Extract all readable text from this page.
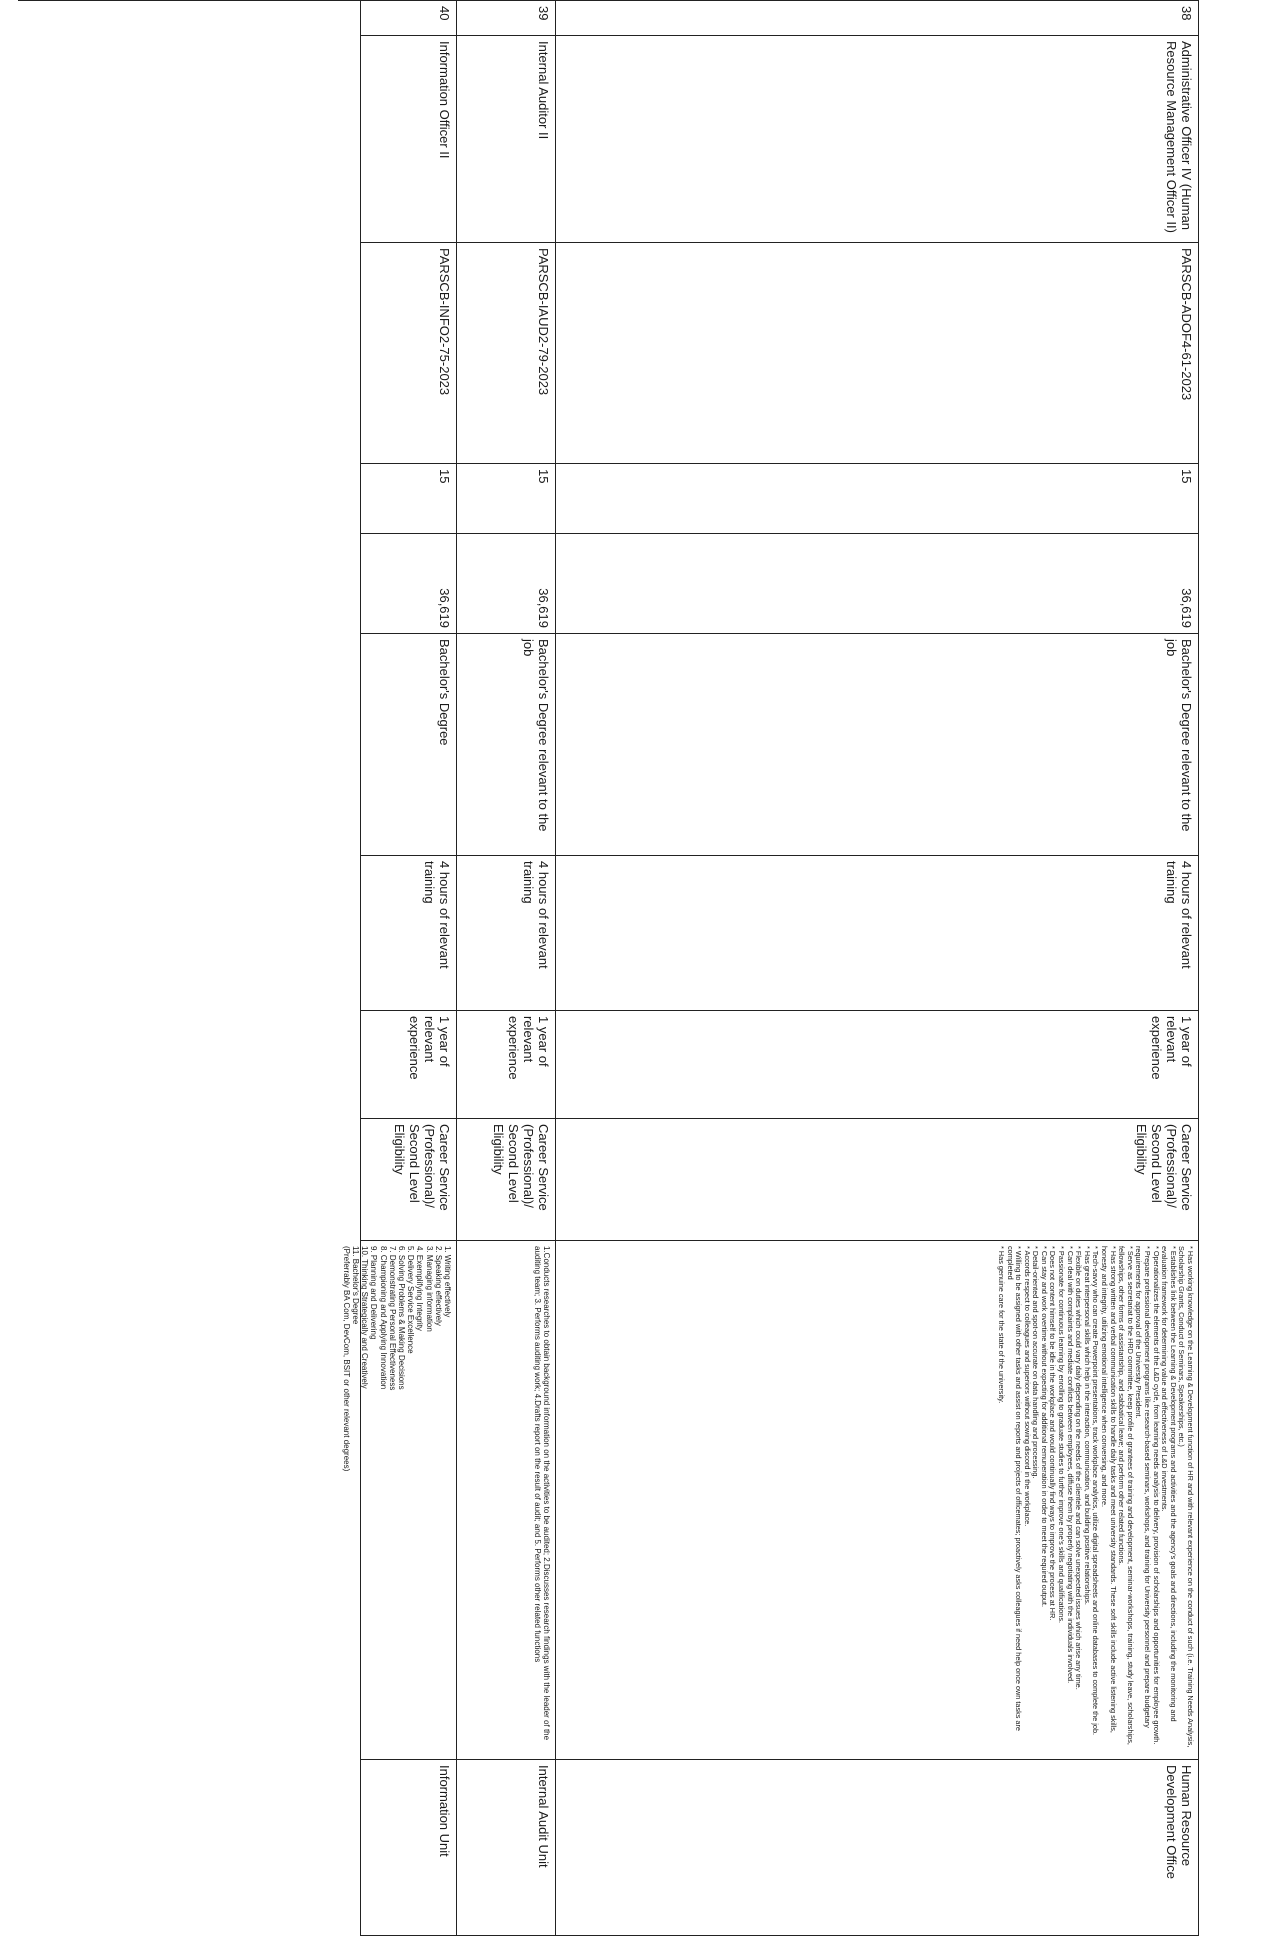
38
Administrative Officer IV (Human Resource Management Officer II)
PARSCB-ADOF4-61-2023
15
36,619
Bachelor's Degree relevant to the job
4 hours of relevant training
1 year of relevant experience
Career Service (Professional)/ Second Level Eligibility

* Has working knowledge on the Learning & Development function of HR and with relevant experience on the conduct of such (i.e. Training Needs Analysis, Scholarship Grants, Conduct of Seminars, Speakerships, etc.)

* Establishes link between the Learning & Development programs and activities and the agency's goals and directions, including the monitoring and evaluation framework for determining value and effectiveness of L&D investments.

* Operationalizes the elements of the L&D cycle, from learning needs analysis to delivery, provision of scholarships and opportunities for employee growth.

* Prepare professional development programs like research-based seminars, workshops, and training for University personnel and prepare budgetary requirements for approval of the University President.

* Serve as secretariat to the HRD committee, keep profile of grantees of training and development, seminar-workshops, training, study leave, scholarships, fellowships, other forms of assistantship, and sabbatical leave; and perform other related functions.

* Has strong written and verbal communication skills to handle daily tasks and meet university standards. These soft skills include active listening skills, honesty and integrity, utilizing emotional intelligence when conversing, and more.

* Tech-savvy who can create Powerpoint presentations, track workplace analytics, utilize digital spreadsheets and online databases to complete the job.

* Has great interpersonal skills which help in the interaction, communication, and building positive relationships.

* Flexible on duties which could vary daily depending on the needs of the clientele and can solve unexpected issues which arise any time.

* Can deal with complaints and mediate conflicts between employees, diffuse them by properly negotiating with the individuals involved.

* Passionate for continuous learning by enrolling to graduate studies to further improve one's skills and qualifications.

* Does not content himself to be idle in the workplace and would continually find ways to improve the process at HR.

* Can stay and work overtime without expecting for additional remuneration in order to meet the required output.

* Detail-oriented and spot-on accurate on data handling and processing.

* Accords respect to colleagues and superiors without sowing discord in the workplace.

* Willing to be assigned with other tasks and assist on reports and projects of officemates; proactively asks colleagues if need help once own tasks are completed

* Has genuine care for the state of the university.

Human Resource Development Office
39
Internal Auditor II
PARSCB-IAUD2-79-2023
15
36,619
Bachelor's Degree relevant to the job
4 hours of relevant training
1 year of relevant experience
Career Service (Professional)/ Second Level Eligibility

1.Conducts researches to obtain background information on the activities to be audited; 2.Discusses research findings with the leader of the auditing team; 3. Performs auditing work; 4.Drafts report on the result of audit; and 5. Performs other related functions

Internal Audit Unit
40
Information Officer II
PARSCB-INFO2-75-2023
15
36,619
Bachelor's Degree
4 hours of relevant training
1 year of relevant experience
Career Service (Professional)/ Second Level Eligibility

1. Writing effectively

2. Speaking effectively

3. Managing information

4. Exemplifying Integrity

5. Delivery Service Excellence

6. Solving Problems & Making Decisions

7. Demonstrating Personal Effectiveness

8. Championing and Applying Innovation

9. Planning and Delivering

10. Thinking Strategically and Creatively

11. Bachelor's Degree

(Preferrably BA Com, DevCom, BSIT or other relevant degrees)

Information Unit
